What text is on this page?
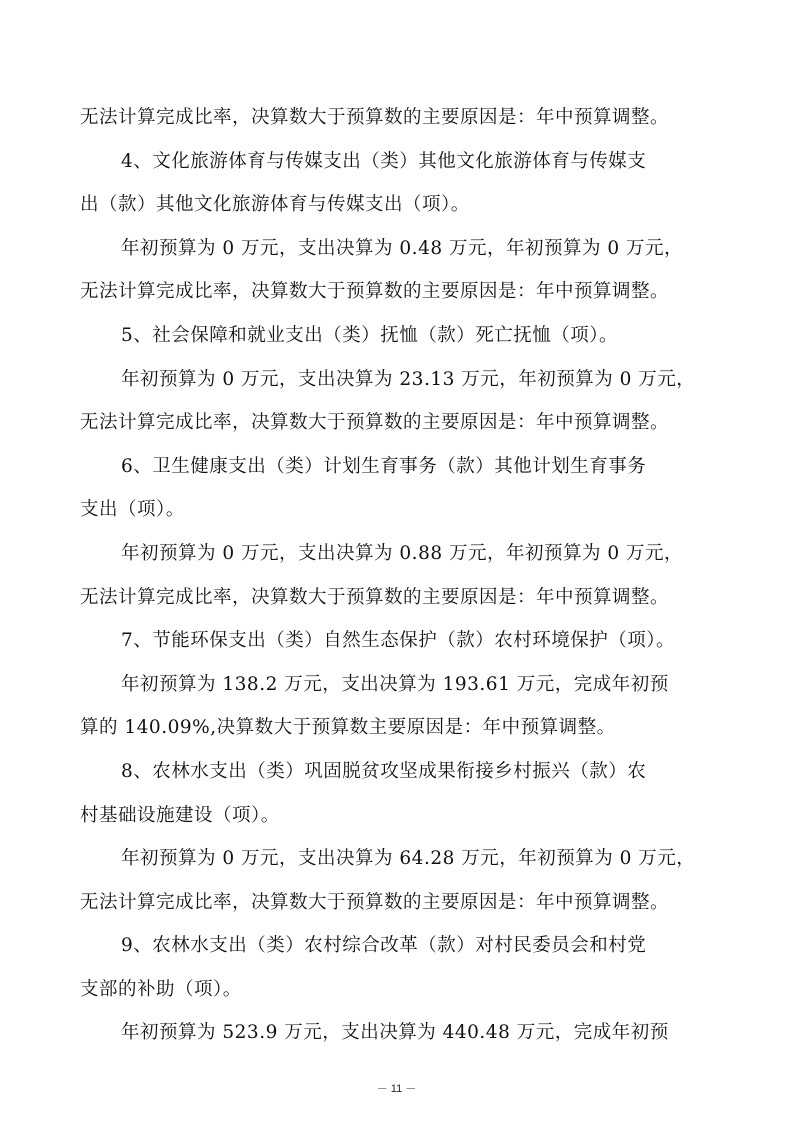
无法计算完成比率，决算数大于预算数的主要原因是：年中预算调整。
4、文化旅游体育与传媒支出（类）其他文化旅游体育与传媒支
出（款）其他文化旅游体育与传媒支出（项）。
年初预算为 0 万元，支出决算为 0.48 万元，年初预算为 0 万元，
无法计算完成比率，决算数大于预算数的主要原因是：年中预算调整。
5、社会保障和就业支出（类）抚恤（款）死亡抚恤（项）。
年初预算为 0 万元，支出决算为 23.13 万元，年初预算为 0 万元，
无法计算完成比率，决算数大于预算数的主要原因是：年中预算调整。
6、卫生健康支出（类）计划生育事务（款）其他计划生育事务
支出（项）。
年初预算为 0 万元，支出决算为 0.88 万元，年初预算为 0 万元，
无法计算完成比率，决算数大于预算数的主要原因是：年中预算调整。
7、节能环保支出（类）自然生态保护（款）农村环境保护（项）。
年初预算为 138.2 万元，支出决算为 193.61 万元，完成年初预
算的 140.09%,决算数大于预算数主要原因是：年中预算调整。
8、农林水支出（类）巩固脱贫攻坚成果衔接乡村振兴（款）农
村基础设施建设（项）。
年初预算为 0 万元，支出决算为 64.28 万元，年初预算为 0 万元，
无法计算完成比率，决算数大于预算数的主要原因是：年中预算调整。
9、农林水支出（类）农村综合改革（款）对村民委员会和村党
支部的补助（项）。
年初预算为 523.9 万元，支出决算为 440.48 万元，完成年初预
－ 11 －
